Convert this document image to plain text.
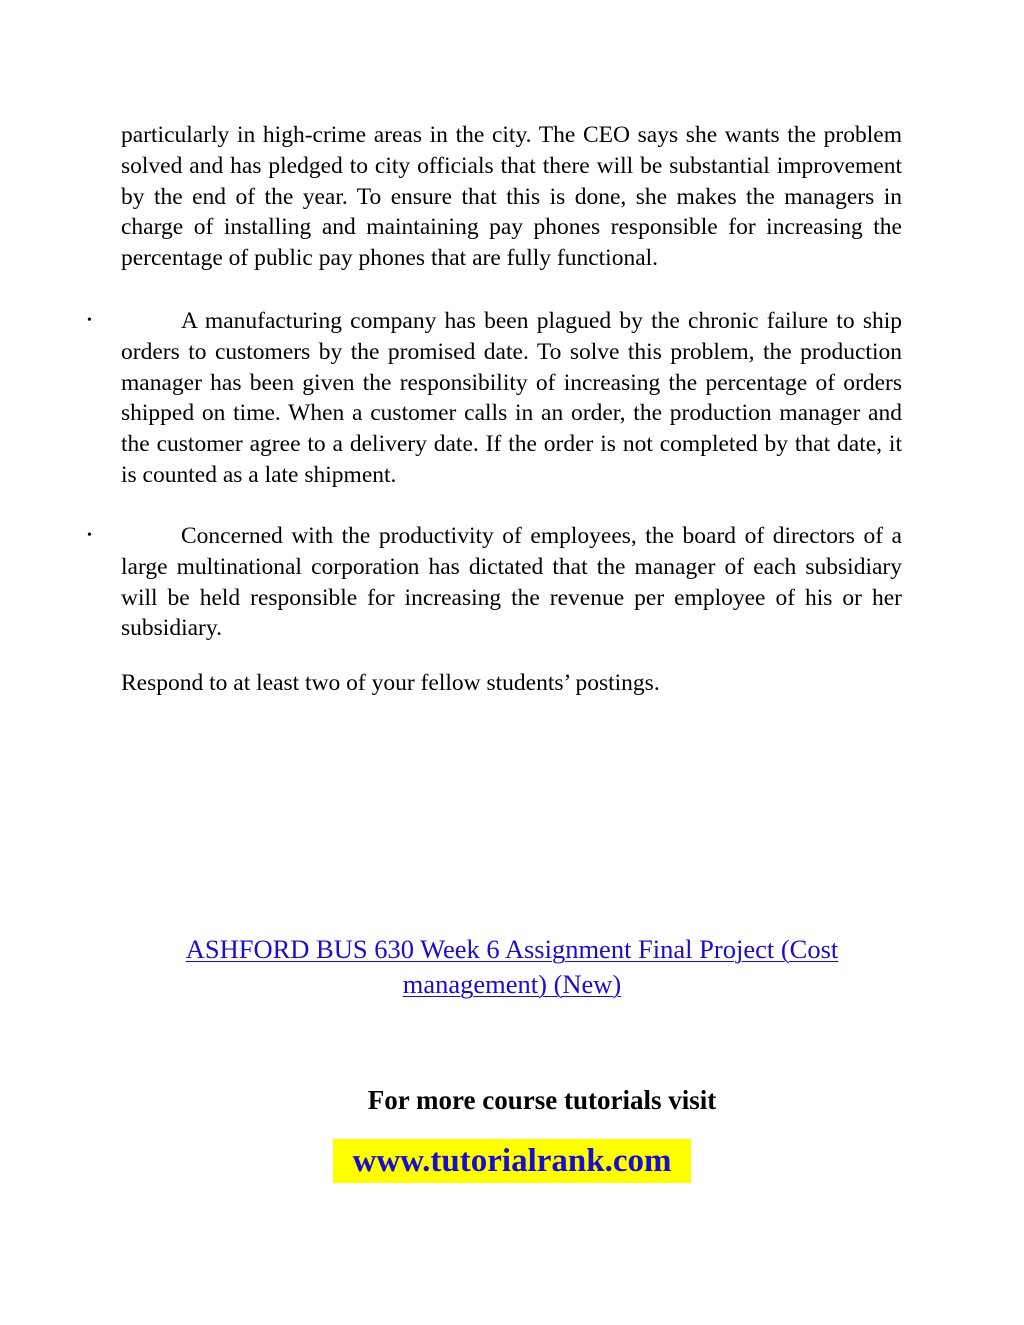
particularly in high-crime areas in the city. The CEO says she wants the problem solved and has pledged to city officials that there will be substantial improvement by the end of the year. To ensure that this is done, she makes the managers in charge of installing and maintaining pay phones responsible for increasing the percentage of public pay phones that are fully functional.
•	A manufacturing company has been plagued by the chronic failure to ship orders to customers by the promised date. To solve this problem, the production manager has been given the responsibility of increasing the percentage of orders shipped on time. When a customer calls in an order, the production manager and the customer agree to a delivery date. If the order is not completed by that date, it is counted as a late shipment.
•	Concerned with the productivity of employees, the board of directors of a large multinational corporation has dictated that the manager of each subsidiary will be held responsible for increasing the revenue per employee of his or her subsidiary.
Respond to at least two of your fellow students’ postings.
ASHFORD BUS 630 Week 6 Assignment Final Project (Cost
management) (New)
For more course tutorials visit
www.tutorialrank.com
